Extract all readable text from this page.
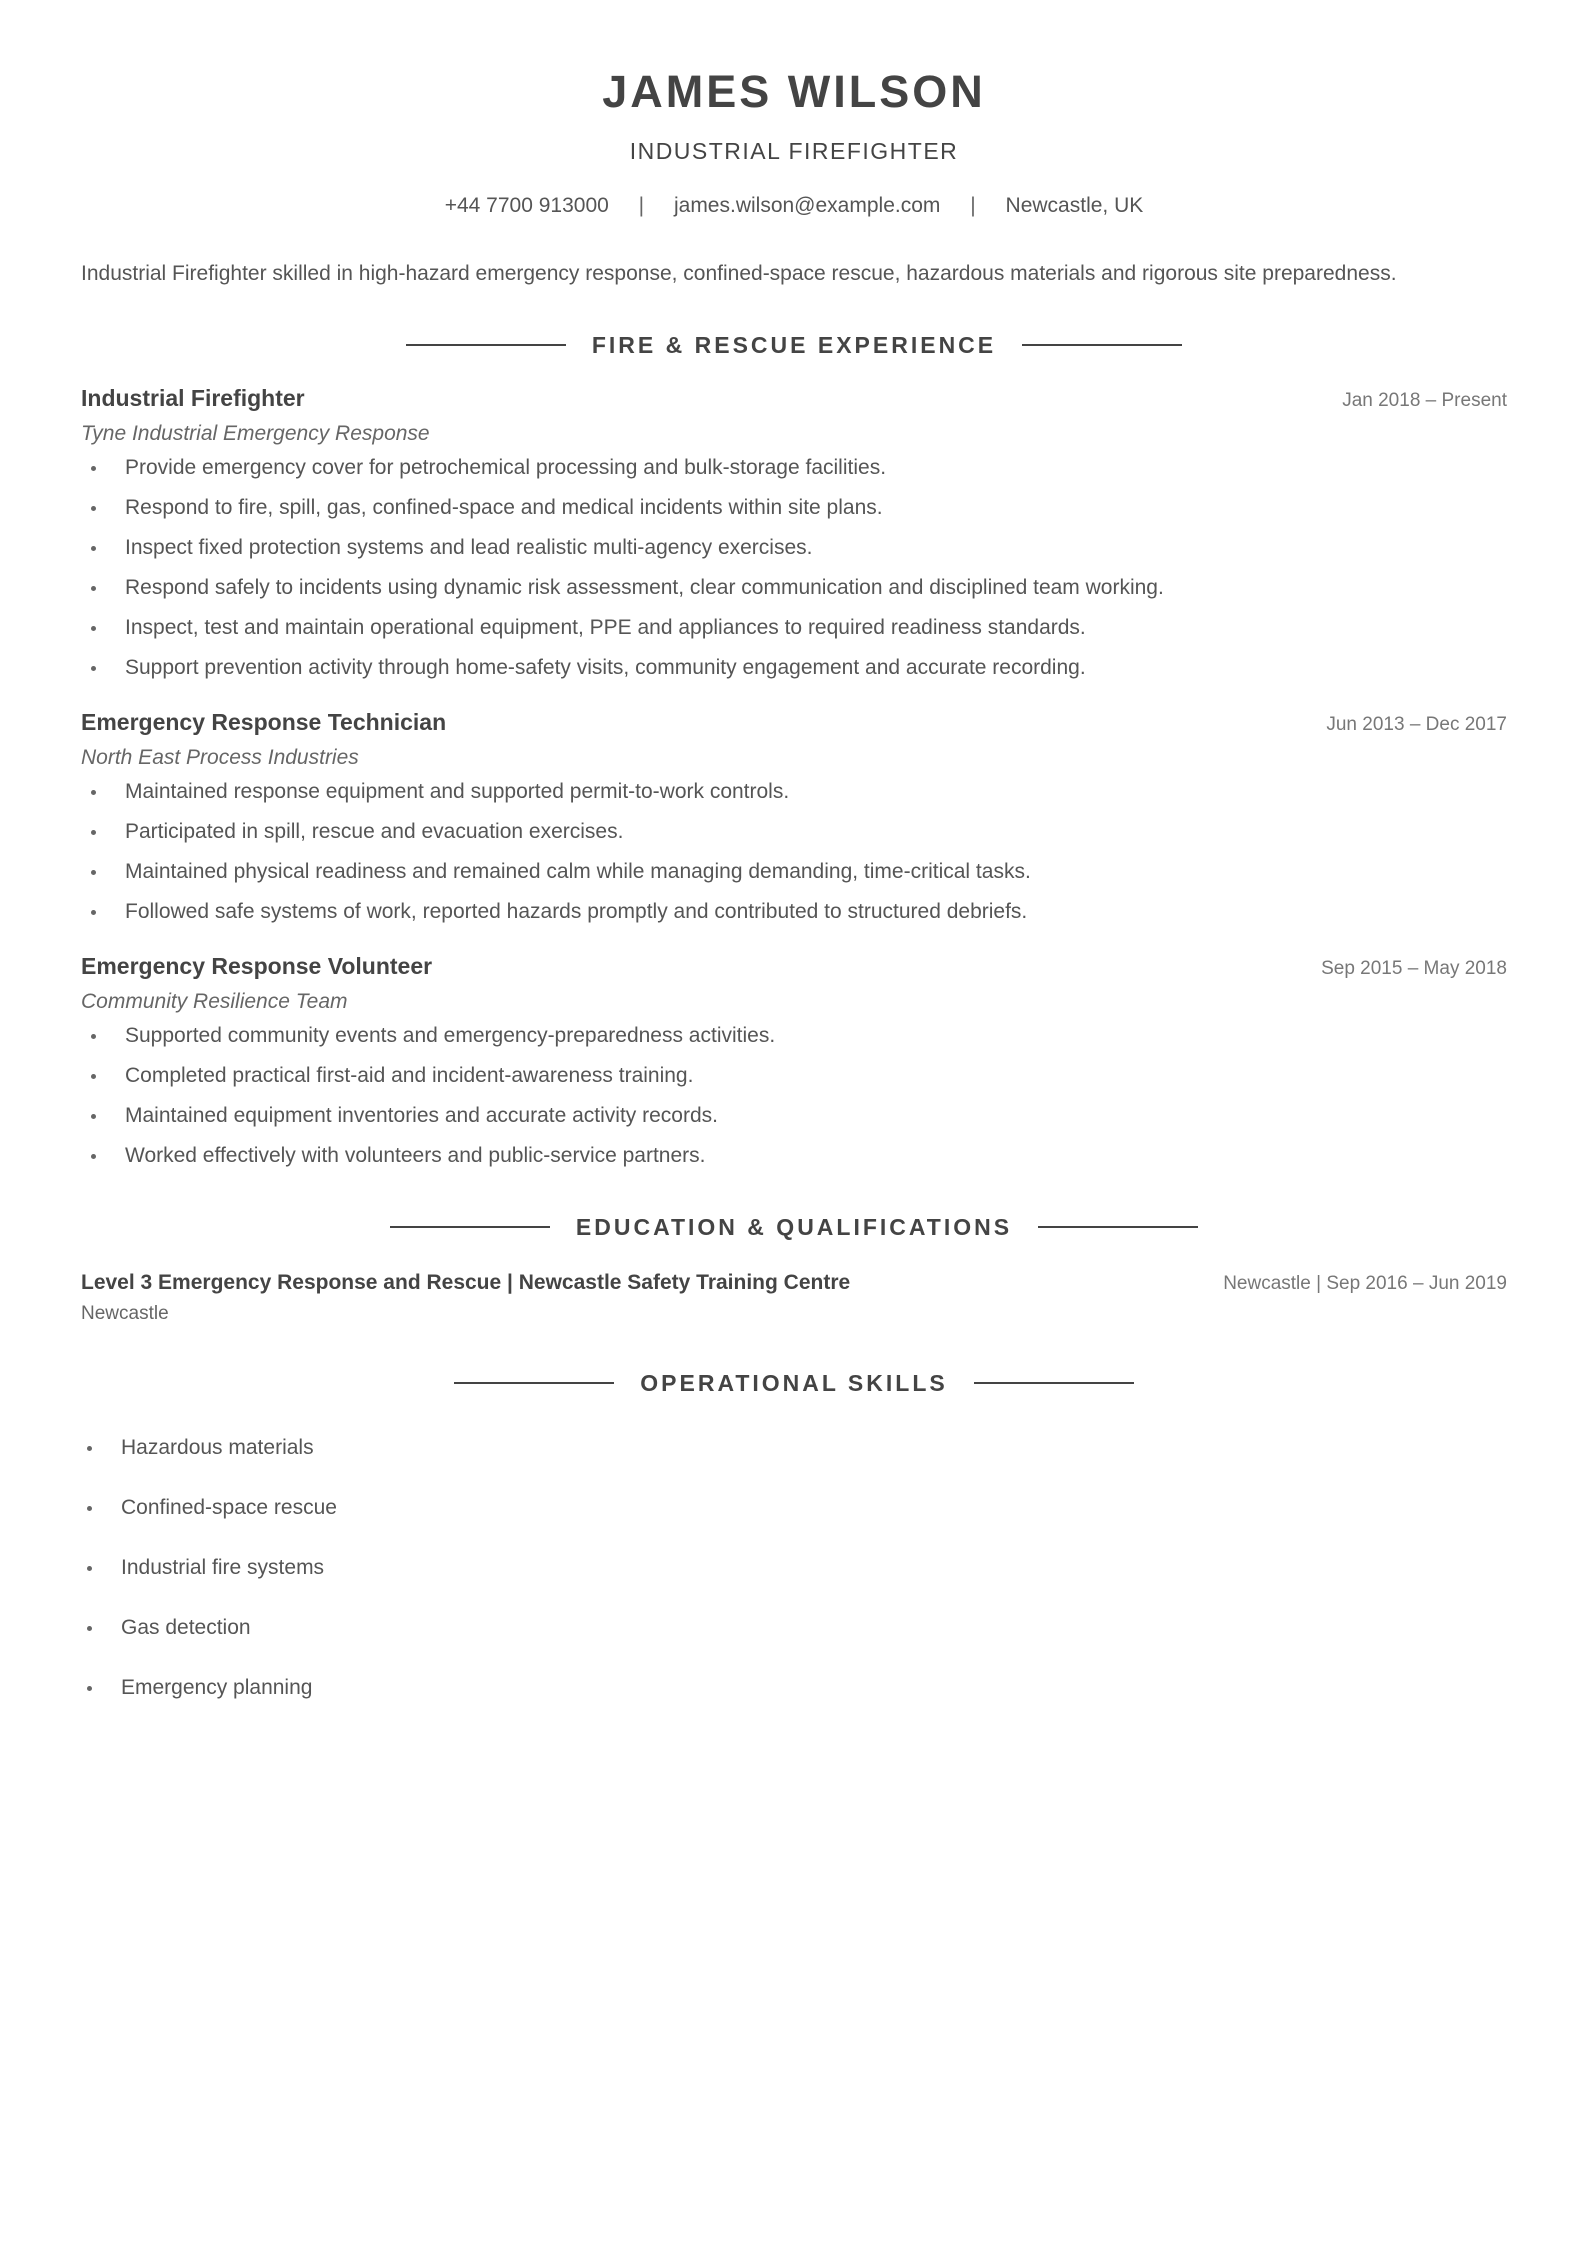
JAMES WILSON
INDUSTRIAL FIREFIGHTER
+44 7700 913000 | james.wilson@example.com | Newcastle, UK
Industrial Firefighter skilled in high-hazard emergency response, confined-space rescue, hazardous materials and rigorous site preparedness.
FIRE & RESCUE EXPERIENCE
Industrial Firefighter	Jan 2018 – Present
Tyne Industrial Emergency Response
Provide emergency cover for petrochemical processing and bulk-storage facilities.
Respond to fire, spill, gas, confined-space and medical incidents within site plans.
Inspect fixed protection systems and lead realistic multi-agency exercises.
Respond safely to incidents using dynamic risk assessment, clear communication and disciplined team working.
Inspect, test and maintain operational equipment, PPE and appliances to required readiness standards.
Support prevention activity through home-safety visits, community engagement and accurate recording.
Emergency Response Technician	Jun 2013 – Dec 2017
North East Process Industries
Maintained response equipment and supported permit-to-work controls.
Participated in spill, rescue and evacuation exercises.
Maintained physical readiness and remained calm while managing demanding, time-critical tasks.
Followed safe systems of work, reported hazards promptly and contributed to structured debriefs.
Emergency Response Volunteer	Sep 2015 – May 2018
Community Resilience Team
Supported community events and emergency-preparedness activities.
Completed practical first-aid and incident-awareness training.
Maintained equipment inventories and accurate activity records.
Worked effectively with volunteers and public-service partners.
EDUCATION & QUALIFICATIONS
Level 3 Emergency Response and Rescue | Newcastle Safety Training Centre	Newcastle | Sep 2016 – Jun 2019
Newcastle
OPERATIONAL SKILLS
Hazardous materials
Confined-space rescue
Industrial fire systems
Gas detection
Emergency planning
